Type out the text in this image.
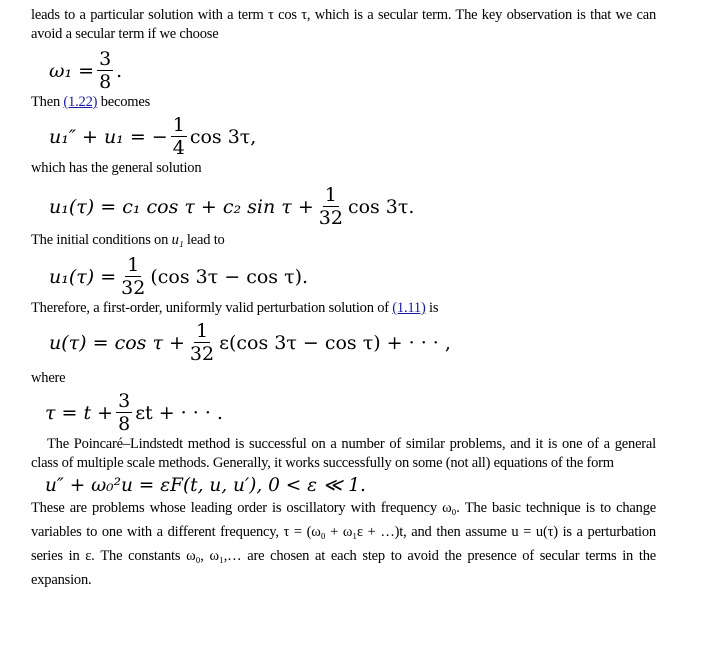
leads to a particular solution with a term τ cos τ, which is a secular term. The key observation is that we can avoid a secular term if we choose

$\omega_1 = \frac{3}{8}$ .

Then (1.22) becomes

u₁″ + u₁ = − $\frac{1}{4}$ cos 3τ,

which has the general solution

u₁(τ) = c₁ cos τ + c₂ $\sin \tau + \frac{1}{32}$ cos 3τ.

The initial conditions on u₁ lead to

$u_1(\tau) = \frac{1}{32} (\cos$ 3τ − cos τ).

Therefore, a first-order, uniformly valid perturbation solution of (1.11) is

$u(\tau) = \cos \tau + \frac{1}{32} \varepsilon(\cos$ 3τ − cos τ) + · · · ,

where

$\tau = t + \frac{3}{8}$ εt + · · · .

The Poincaré–Lindstedt method is successful on a number of similar problems, and it is one of a general class of multiple scale methods. Generally, it works successfully on some (not all) equations of the form

u″ + ω₀²u = εF(t, u, u′), 0 < ε ≪ 1.

These are problems whose leading order is oscillatory with frequency ω₀. The basic technique is to change variables to one with a different frequency, τ = (ω₀ + ω₁ε + …)t, and then assume u = u(τ) is a perturbation series in ε. The constants ω₀, ω₁,… are chosen at each step to avoid the presence of secular terms in the expansion.
